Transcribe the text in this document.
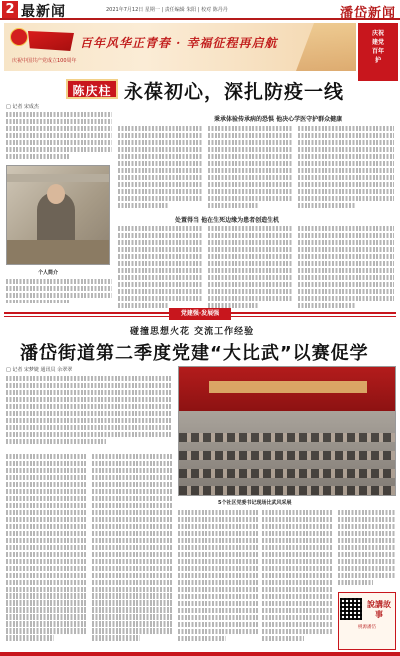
2 最新闻	2021年7月12日 星期一 | 责任编辑 朱阳 | 校对 陈丹丹	潘岱新闻
百年风华正青春 · 幸福征程再启航
庆祝中国共产党成立100周年
庆祝
建党
百年
护
陈庆柱 永葆初心，深扎防疫一线
□ 记者 宋成杰
秉承体验传承病的恐惧 他决心学医守护群众健康
处置得当 他在生死边缘为患者创造生机
个人简介
党建强·发展强
碰撞思想火花 交流工作经验
潘岱街道第二季度党建“大比武”以赛促学
□ 记者 宋梦婕 通讯员 余翠翠
5个社区党委书记现场比武风采展
說講故事
桃源潘岱
